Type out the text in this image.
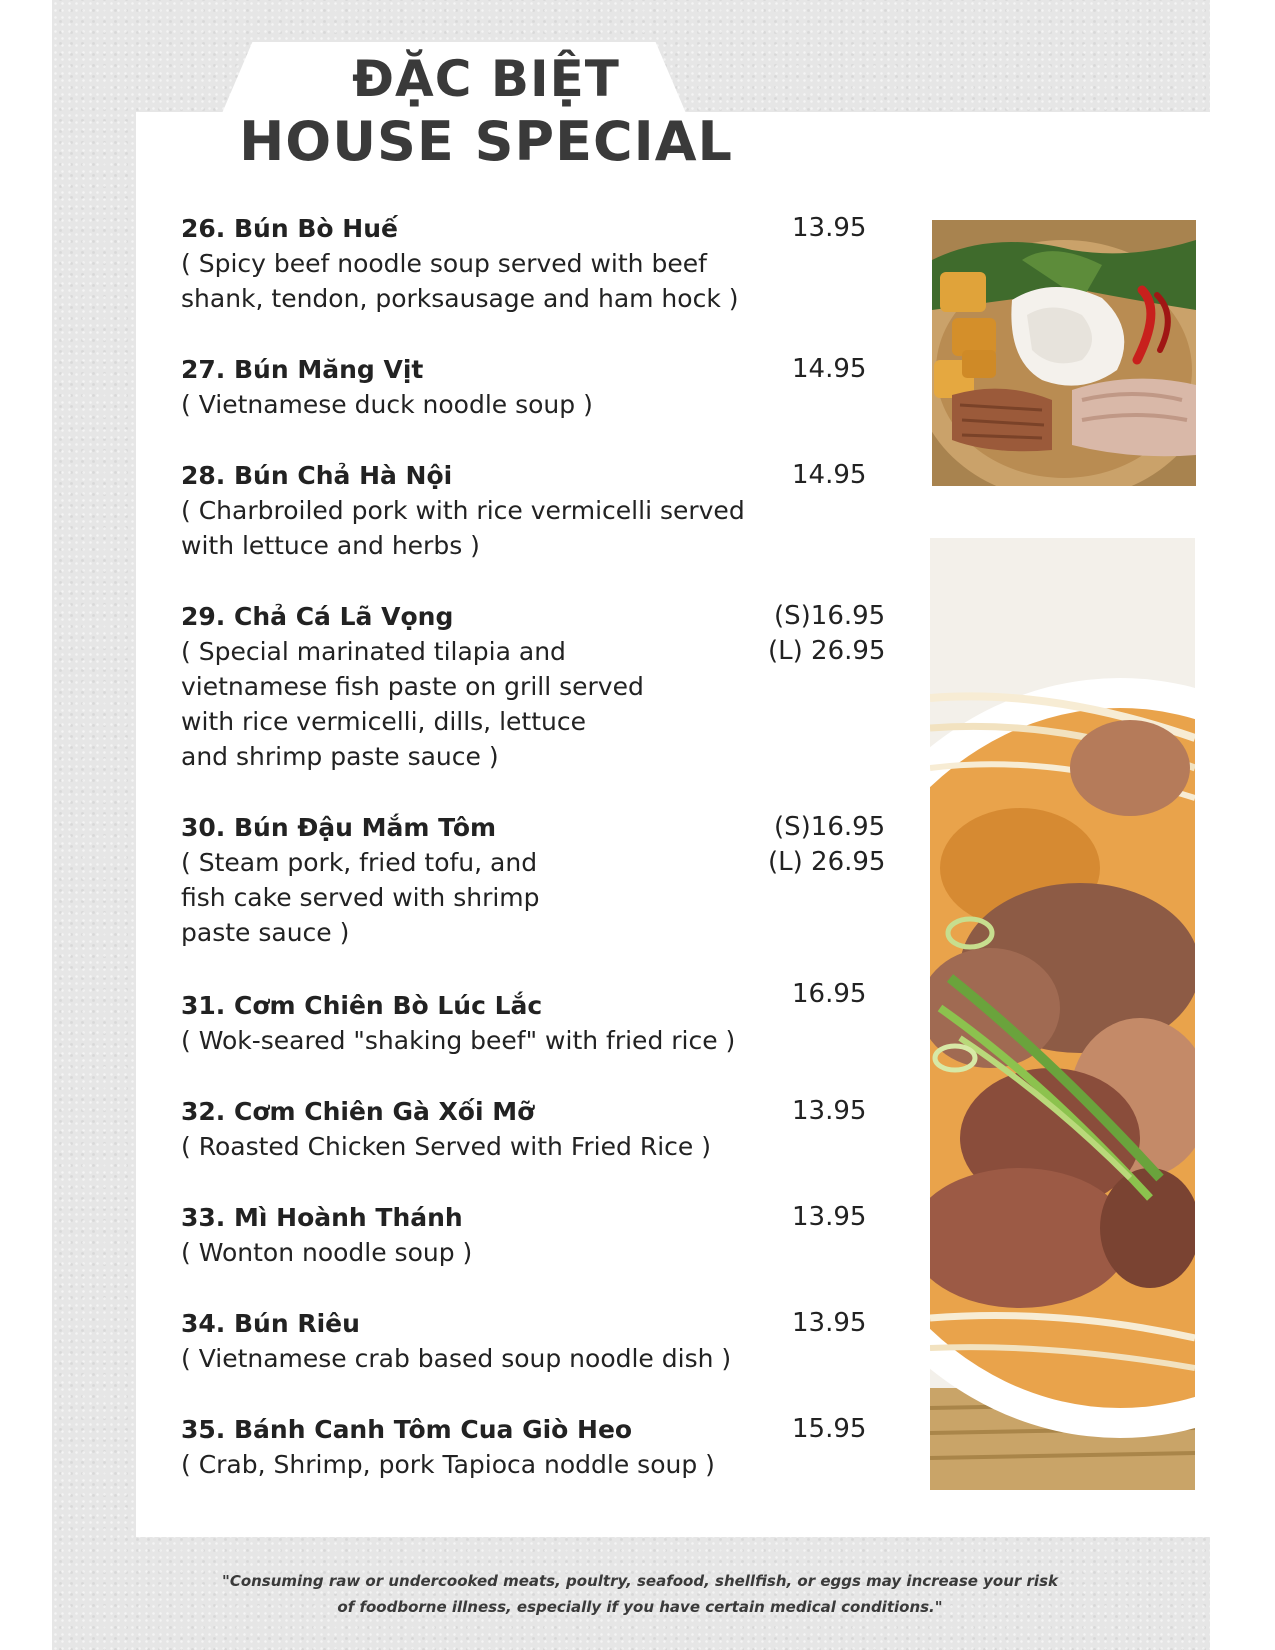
ĐẶC BIỆT
HOUSE SPECIAL
26. Bún Bò Huế
( Spicy beef noodle soup served with beef
shank, tendon, porksausage and ham hock )
13.95
27. Bún Măng Vịt
( Vietnamese duck noodle soup )
14.95
28. Bún Chả Hà Nội
( Charbroiled pork with rice vermicelli served
with lettuce and herbs )
14.95
29. Chả Cá Lã Vọng
( Special marinated tilapia and
vietnamese fish paste on grill served
with rice vermicelli, dills, lettuce
and shrimp paste sauce )
(S)16.95
(L) 26.95
30. Bún Đậu Mắm Tôm
( Steam pork, fried tofu, and
fish cake served with shrimp
paste sauce )
(S)16.95
(L) 26.95
31. Cơm Chiên Bò Lúc Lắc
( Wok-seared "shaking beef" with fried rice )
16.95
32. Cơm Chiên Gà Xối Mỡ
( Roasted Chicken Served with Fried Rice )
13.95
33. Mì Hoành Thánh
( Wonton noodle soup )
13.95
34. Bún Riêu
( Vietnamese crab based soup noodle dish )
13.95
35. Bánh Canh Tôm Cua Giò Heo
( Crab, Shrimp, pork Tapioca noddle soup )
15.95

"Consuming raw or undercooked meats, poultry, seafood, shellfish, or eggs may increase your risk
of foodborne illness, especially if you have certain medical conditions."
